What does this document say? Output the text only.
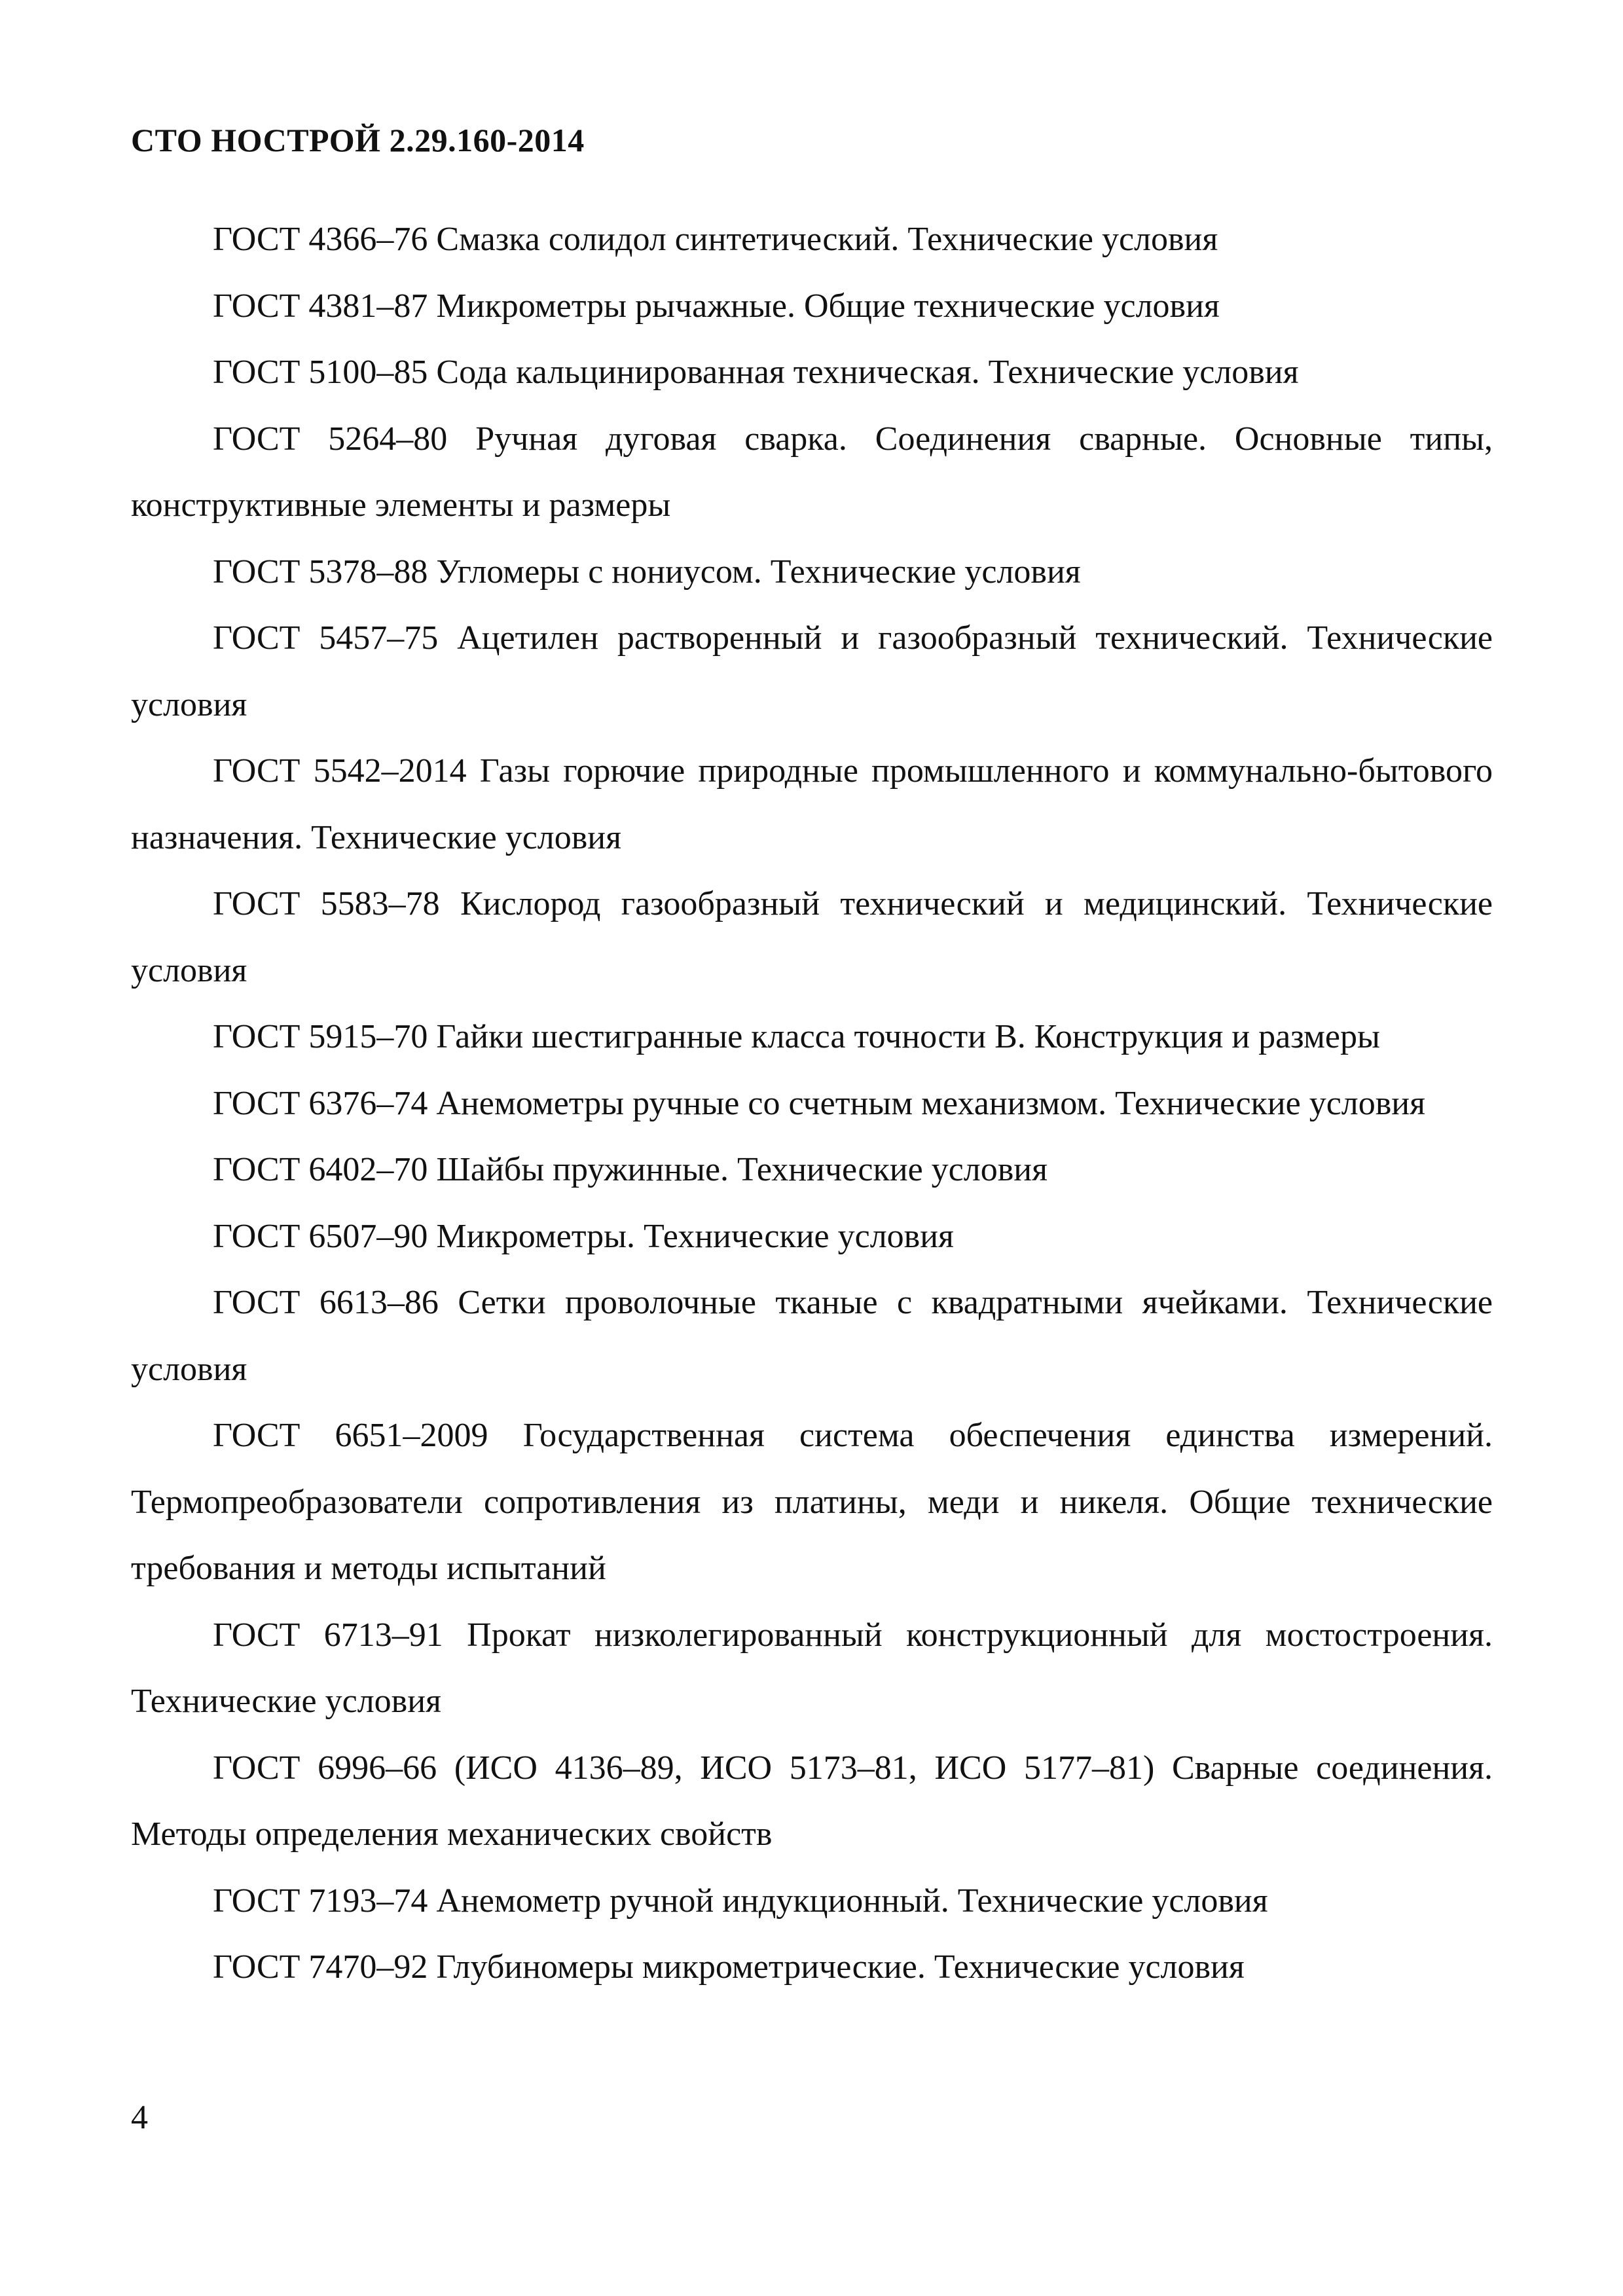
СТО НОСТРОЙ 2.29.160-2014

ГОСТ 4366–76 Смазка солидол синтетический. Технические условия

ГОСТ 4381–87 Микрометры рычажные. Общие технические условия

ГОСТ 5100–85 Сода кальцинированная техническая. Технические условия

ГОСТ 5264–80 Ручная дуговая сварка. Соединения сварные. Основные типы, конструктивные элементы и размеры

ГОСТ 5378–88 Угломеры с нониусом. Технические условия

ГОСТ 5457–75 Ацетилен растворенный и газообразный технический. Технические условия

ГОСТ 5542–2014 Газы горючие природные промышленного и коммунально-бытового назначения. Технические условия

ГОСТ 5583–78 Кислород газообразный технический и медицинский. Технические условия

ГОСТ 5915–70 Гайки шестигранные класса точности В. Конструкция и размеры

ГОСТ 6376–74 Анемометры ручные со счетным механизмом. Технические условия

ГОСТ 6402–70 Шайбы пружинные. Технические условия

ГОСТ 6507–90 Микрометры. Технические условия

ГОСТ 6613–86 Сетки проволочные тканые с квадратными ячейками. Технические условия

ГОСТ 6651–2009 Государственная система обеспечения единства измерений. Термопреобразователи сопротивления из платины, меди и никеля. Общие технические требования и методы испытаний

ГОСТ 6713–91 Прокат низколегированный конструкционный для мостостроения. Технические условия

ГОСТ 6996–66 (ИСО 4136–89, ИСО 5173–81, ИСО 5177–81) Сварные соединения. Методы определения механических свойств

ГОСТ 7193–74 Анемометр ручной индукционный. Технические условия

ГОСТ 7470–92 Глубиномеры микрометрические. Технические условия

4
